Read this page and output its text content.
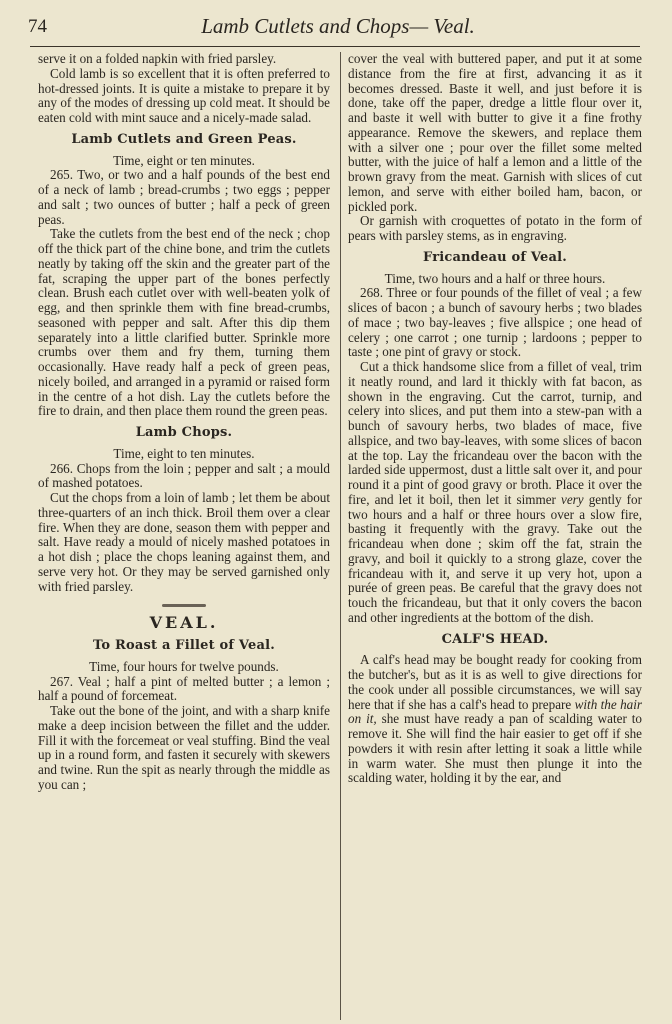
74	Lamb Cutlets and Chops— Veal.

serve it on a folded napkin with fried parsley.

Cold lamb is so excellent that it is often preferred to hot-dressed joints. It is quite a mistake to prepare it by any of the modes of dressing up cold meat. It should be eaten cold with mint sauce and a nicely-made salad.

Lamb Cutlets and Green Peas.

Time, eight or ten minutes.

265. Two, or two and a half pounds of the best end of a neck of lamb ; bread-crumbs ; two eggs ; pepper and salt ; two ounces of butter ; half a peck of green peas.

Take the cutlets from the best end of the neck ; chop off the thick part of the chine bone, and trim the cutlets neatly by taking off the skin and the greater part of the fat, scraping the upper part of the bones perfectly clean. Brush each cutlet over with well-beaten yolk of egg, and then sprinkle them with fine bread-crumbs, seasoned with pepper and salt. After this dip them separately into a little clarified butter. Sprinkle more crumbs over them and fry them, turning them occasionally. Have ready half a peck of green peas, nicely boiled, and arranged in a pyramid or raised form in the centre of a hot dish. Lay the cutlets before the fire to drain, and then place them round the green peas.

Lamb Chops.

Time, eight to ten minutes.

266. Chops from the loin ; pepper and salt ; a mould of mashed potatoes.

Cut the chops from a loin of lamb ; let them be about three-quarters of an inch thick. Broil them over a clear fire. When they are done, season them with pepper and salt. Have ready a mould of nicely mashed potatoes in a hot dish ; place the chops leaning against them, and serve very hot. Or they may be served garnished only with fried parsley.

VEAL.
To Roast a Fillet of Veal.

Time, four hours for twelve pounds.

267. Veal ; half a pint of melted butter ; a lemon ; half a pound of forcemeat.

Take out the bone of the joint, and with a sharp knife make a deep incision between the fillet and the udder. Fill it with the forcemeat or veal stuffing. Bind the veal up in a round form, and fasten it securely with skewers and twine. Run the spit as nearly through the middle as you can ;

cover the veal with buttered paper, and put it at some distance from the fire at first, advancing it as it becomes dressed. Baste it well, and just before it is done, take off the paper, dredge a little flour over it, and baste it well with butter to give it a fine frothy appearance. Remove the skewers, and replace them with a silver one ; pour over the fillet some melted butter, with the juice of half a lemon and a little of the brown gravy from the meat. Garnish with slices of cut lemon, and serve with either boiled ham, bacon, or pickled pork.

Or garnish with croquettes of potato in the form of pears with parsley stems, as in engraving.

Fricandeau of Veal.

Time, two hours and a half or three hours.

268. Three or four pounds of the fillet of veal ; a few slices of bacon ; a bunch of savoury herbs ; two blades of mace ; two bay-leaves ; five allspice ; one head of celery ; one carrot ; one turnip ; lardoons ; pepper to taste ; one pint of gravy or stock.

Cut a thick handsome slice from a fillet of veal, trim it neatly round, and lard it thickly with fat bacon, as shown in the engraving. Cut the carrot, turnip, and celery into slices, and put them into a stew-pan with a bunch of savoury herbs, two blades of mace, five allspice, and two bay-leaves, with some slices of bacon at the top. Lay the fricandeau over the bacon with the larded side uppermost, dust a little salt over it, and pour round it a pint of good gravy or broth. Place it over the fire, and let it boil, then let it simmer very gently for two hours and a half or three hours over a slow fire, basting it frequently with the gravy. Take out the fricandeau when done ; skim off the fat, strain the gravy, and boil it quickly to a strong glaze, cover the fricandeau with it, and serve it up very hot, upon a purée of green peas. Be careful that the gravy does not touch the fricandeau, but that it only covers the bacon and other ingredients at the bottom of the dish.

CALF'S HEAD.

A calf's head may be bought ready for cooking from the butcher's, but as it is as well to give directions for the cook under all possible circumstances, we will say here that if she has a calf's head to prepare with the hair on it, she must have ready a pan of scalding water to remove it. She will find the hair easier to get off if she powders it with resin after letting it soak a little while in warm water. She must then plunge it into the scalding water, holding it by the ear, and
